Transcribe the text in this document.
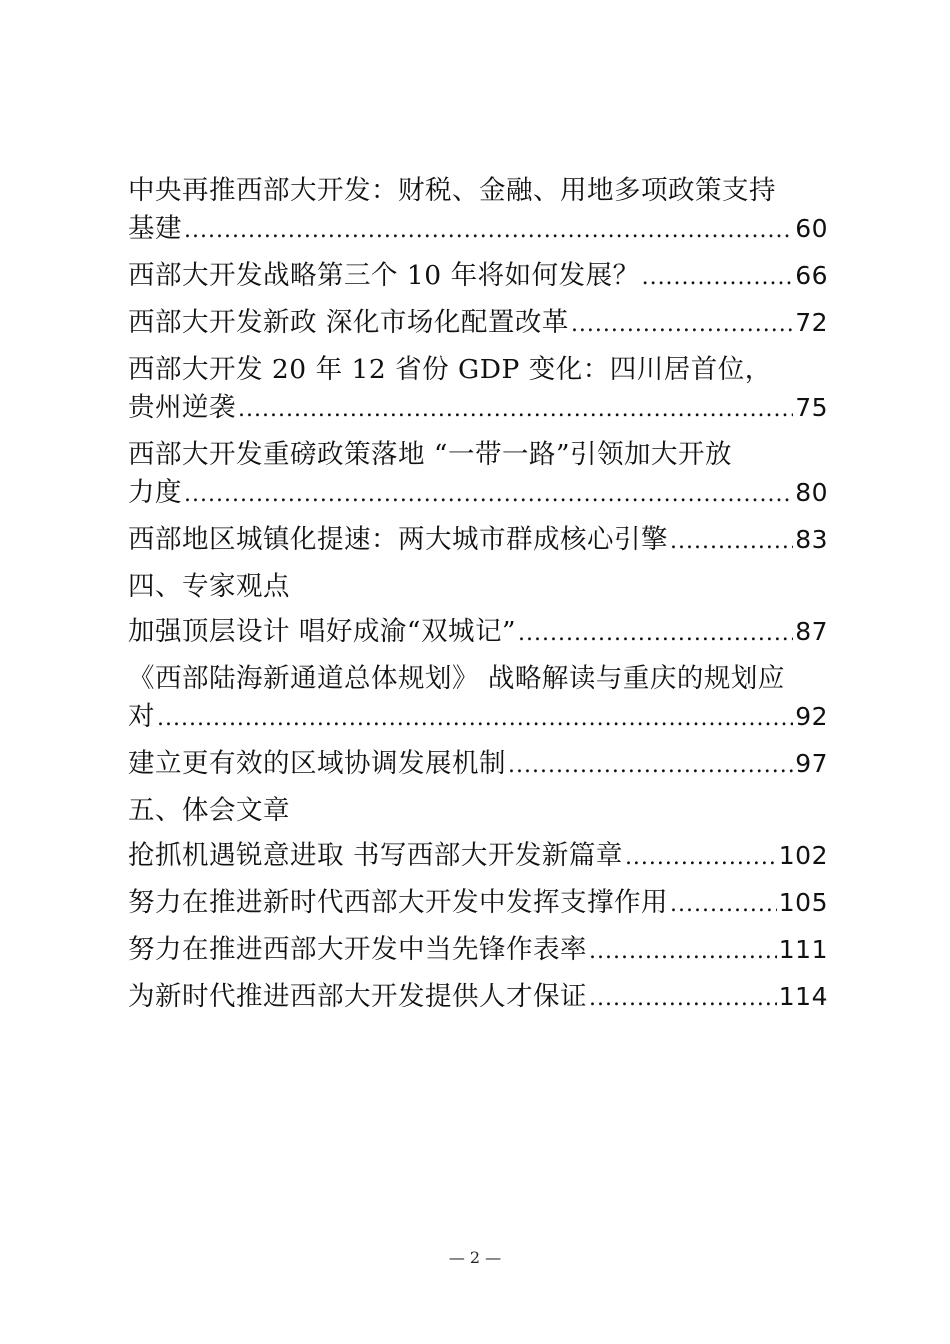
中央再推西部大开发：财税、金融、用地多项政策支持
基建 .....	60
西部大开发战略第三个 10 年将如何发展？ .....	66
西部大开发新政 深化市场化配置改革 .....	72
西部大开发 20 年 12 省份 GDP 变化：四川居首位，
贵州逆袭 .....	75
西部大开发重磅政策落地 “一带一路”引领加大开放
力度 .....	80
西部地区城镇化提速：两大城市群成核心引擎 .....	83
四、专家观点
加强顶层设计 唱好成渝“双城记” .....	87
《西部陆海新通道总体规划》 战略解读与重庆的规划应
对 .....	92
建立更有效的区域协调发展机制 .....	97
五、体会文章
抢抓机遇锐意进取 书写西部大开发新篇章 .....	102
努力在推进新时代西部大开发中发挥支撑作用 .....	105
努力在推进西部大开发中当先锋作表率 .....	111
为新时代推进西部大开发提供人才保证 .....	114
— 2 —
